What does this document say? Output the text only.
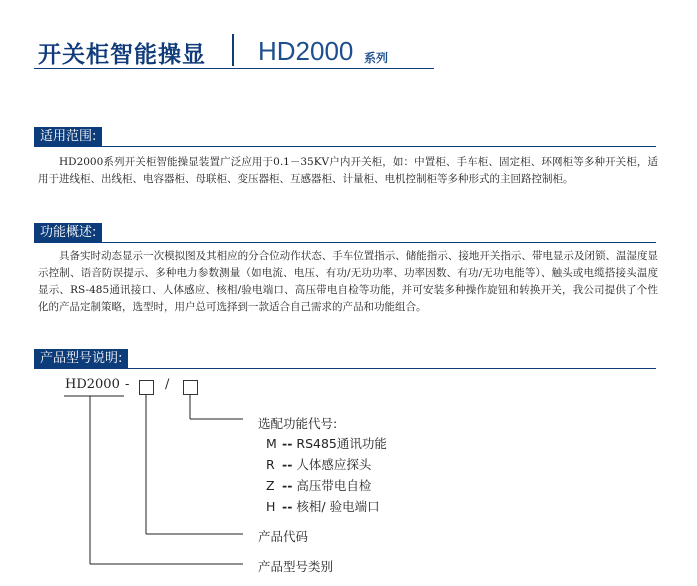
开关柜智能操显 HD2000 系列
适用范围:
HD2000系列开关柜智能操显装置广泛应用于0.1－35KV户内开关柜，如：中置柜、手车柜、固定柜、环网柜等多种开关柜，适用于进线柜、出线柜、电容器柜、母联柜、变压器柜、互感器柜、计量柜、电机控制柜等多种形式的主回路控制柜。
功能概述:
具备实时动态显示一次模拟图及其相应的分合位动作状态、手车位置指示、储能指示、接地开关指示、带电显示及闭锁、温湿度显示控制、语音防误提示、多种电力参数测量（如电流、电压、有功/无功功率、功率因数、有功/无功电能等）、触头或电缆搭接头温度显示、RS-485通讯接口、人体感应、核相/验电端口、高压带电自检等功能，并可安装多种操作旋钮和转换开关，我公司提供了个性化的产品定制策略，选型时，用户总可选择到一款适合自己需求的产品和功能组合。
产品型号说明:
HD2000 -	/
选配功能代号:
M -- RS485通讯功能
R -- 人体感应探头
Z -- 高压带电自检
H -- 核相/ 验电端口
产品代码
产品型号类别
